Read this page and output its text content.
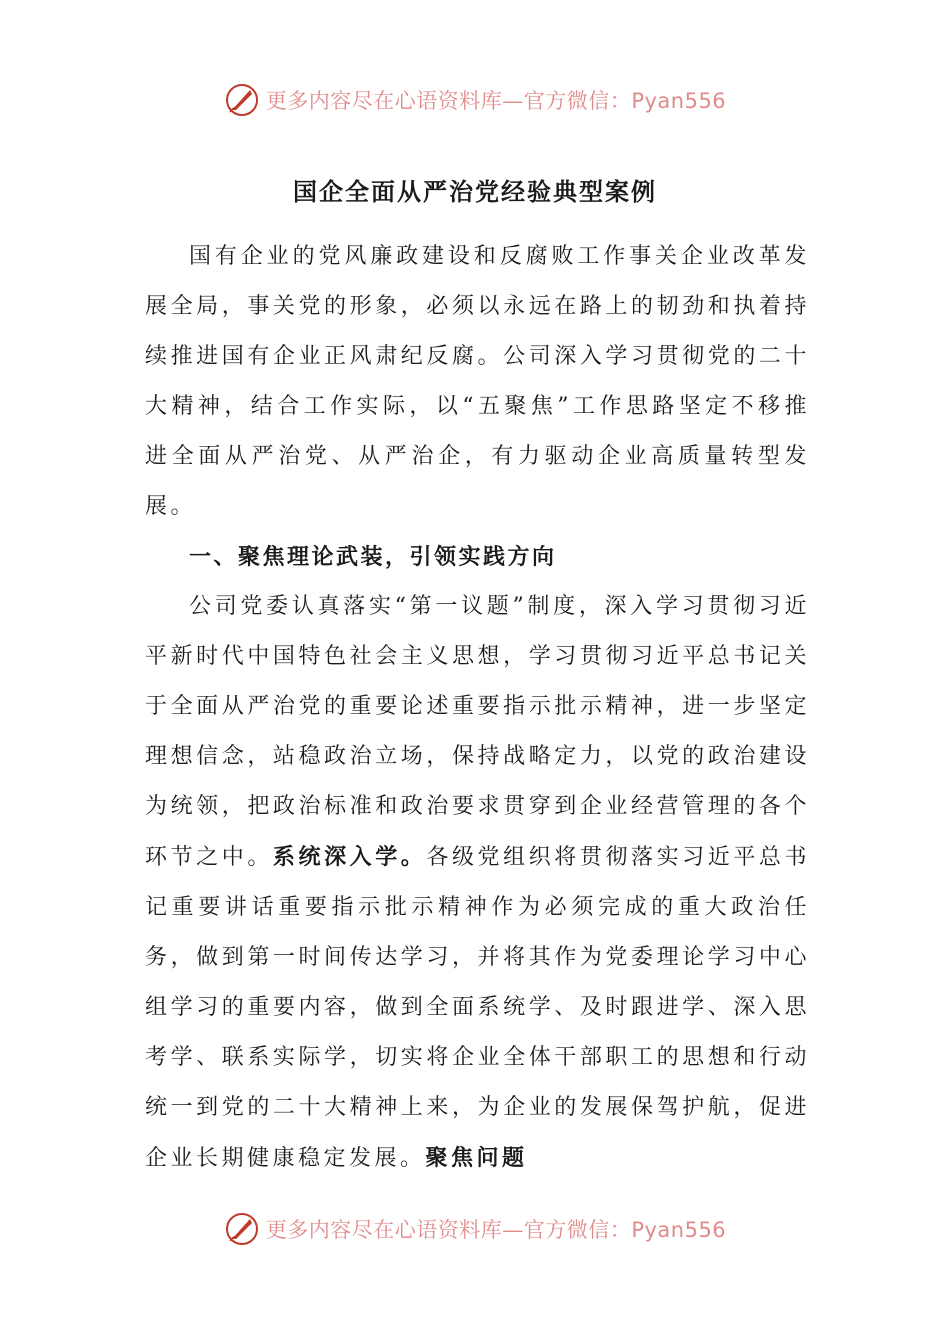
更多内容尽在心语资料库—官方微信：Pyan556
国企全面从严治党经验典型案例

国有企业的党风廉政建设和反腐败工作事关企业改革发展全局，事关党的形象，必须以永远在路上的韧劲和执着持续推进国有企业正风肃纪反腐。公司深入学习贯彻党的二十大精神，结合工作实际，以“五聚焦”工作思路坚定不移推进全面从严治党、从严治企，有力驱动企业高质量转型发展。

一、聚焦理论武装，引领实践方向

公司党委认真落实“第一议题”制度，深入学习贯彻习近平新时代中国特色社会主义思想，学习贯彻习近平总书记关于全面从严治党的重要论述重要指示批示精神，进一步坚定理想信念，站稳政治立场，保持战略定力，以党的政治建设为统领，把政治标准和政治要求贯穿到企业经营管理的各个环节之中。系统深入学。各级党组织将贯彻落实习近平总书记重要讲话重要指示批示精神作为必须完成的重大政治任务，做到第一时间传达学习，并将其作为党委理论学习中心组学习的重要内容，做到全面系统学、及时跟进学、深入思考学、联系实际学，切实将企业全体干部职工的思想和行动统一到党的二十大精神上来，为企业的发展保驾护航，促进企业长期健康稳定发展。聚焦问题

更多内容尽在心语资料库—官方微信：Pyan556
